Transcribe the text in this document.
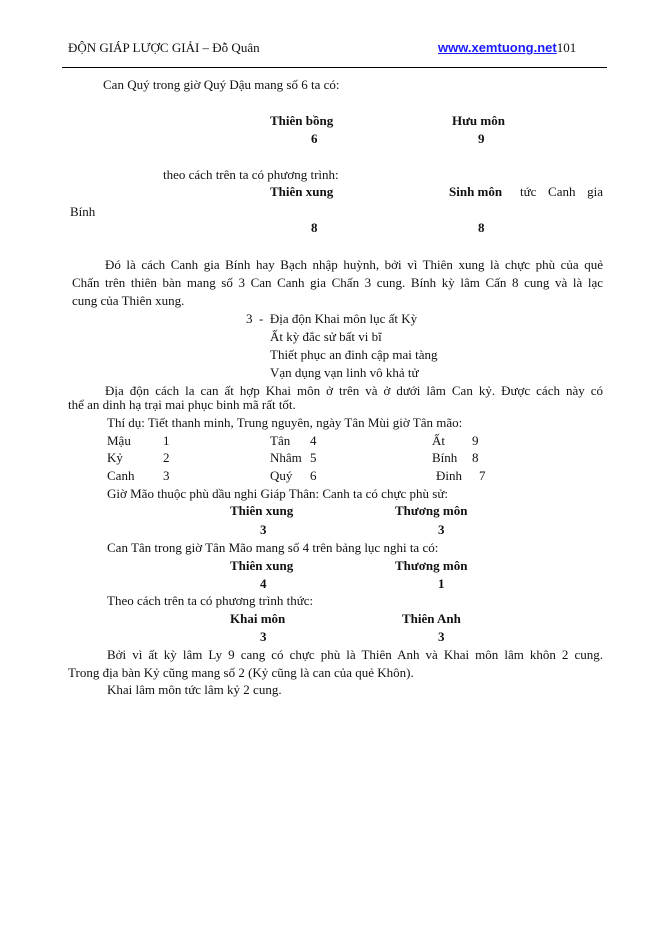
ĐỘN GIÁP LƯỢC GIẢI – Đỗ Quân	www.xemtuong.net101
Can Quý trong giờ Quý Dậu mang số 6 ta có:
Thiên bồng	Hưu môn
6	9
theo cách trên ta có phương trình:
Thiên xung	Sinh môn tức Canh gia
Bính
8	8
Đó là cách Canh gia Bính hay Bạch nhập huỳnh, bởi vì Thiên xung là chực phù của quẻ
Chấn trên thiên bàn mang số 3 Can Canh gia Chấn 3 cung. Bính kỳ lâm Cấn 8 cung và là lạc
cung của Thiên xung.
3  -  Địa độn Khai môn lục ất Kỳ
Ất kỳ đắc sử bất vi bĩ
Thiết phục an đinh cập mai tàng
Vạn dụng vạn linh vô khả tử
Địa độn cách la can ất hợp Khai môn ở trên và ở dưới lâm Can kỷ. Được cách này có
thể an dinh hạ trại mai phục binh mã rất tốt.
Thí dụ: Tiết thanh minh, Trung nguyên, ngày Tân Mùi giờ Tân mão:
Mậu 1	Tân 4	Ất 9
Kỷ	2	Nhâm 5	Bính 8
Canh 3	Quý 6	Đinh 7
Giờ Mão thuộc phù dầu nghi Giáp Thân: Canh ta có chực phù sử:
Thiên xung	Thương môn
3	3
Can Tân trong giờ Tân Mão mang số 4 trên bảng lục nghi ta có:
Thiên xung	Thương môn
4	1
Theo cách trên ta có phương trình thức:
Khai môn	Thiên Anh
3	3
Bởi vì ất kỳ lâm Ly 9 cang có chực phù là Thiên Anh và Khai môn lâm khôn 2 cung.
Trong địa bàn Kỷ cũng mang số 2 (Kỷ cũng là can của quẻ Khôn).
Khai lâm môn tức lâm kỷ 2 cung.
